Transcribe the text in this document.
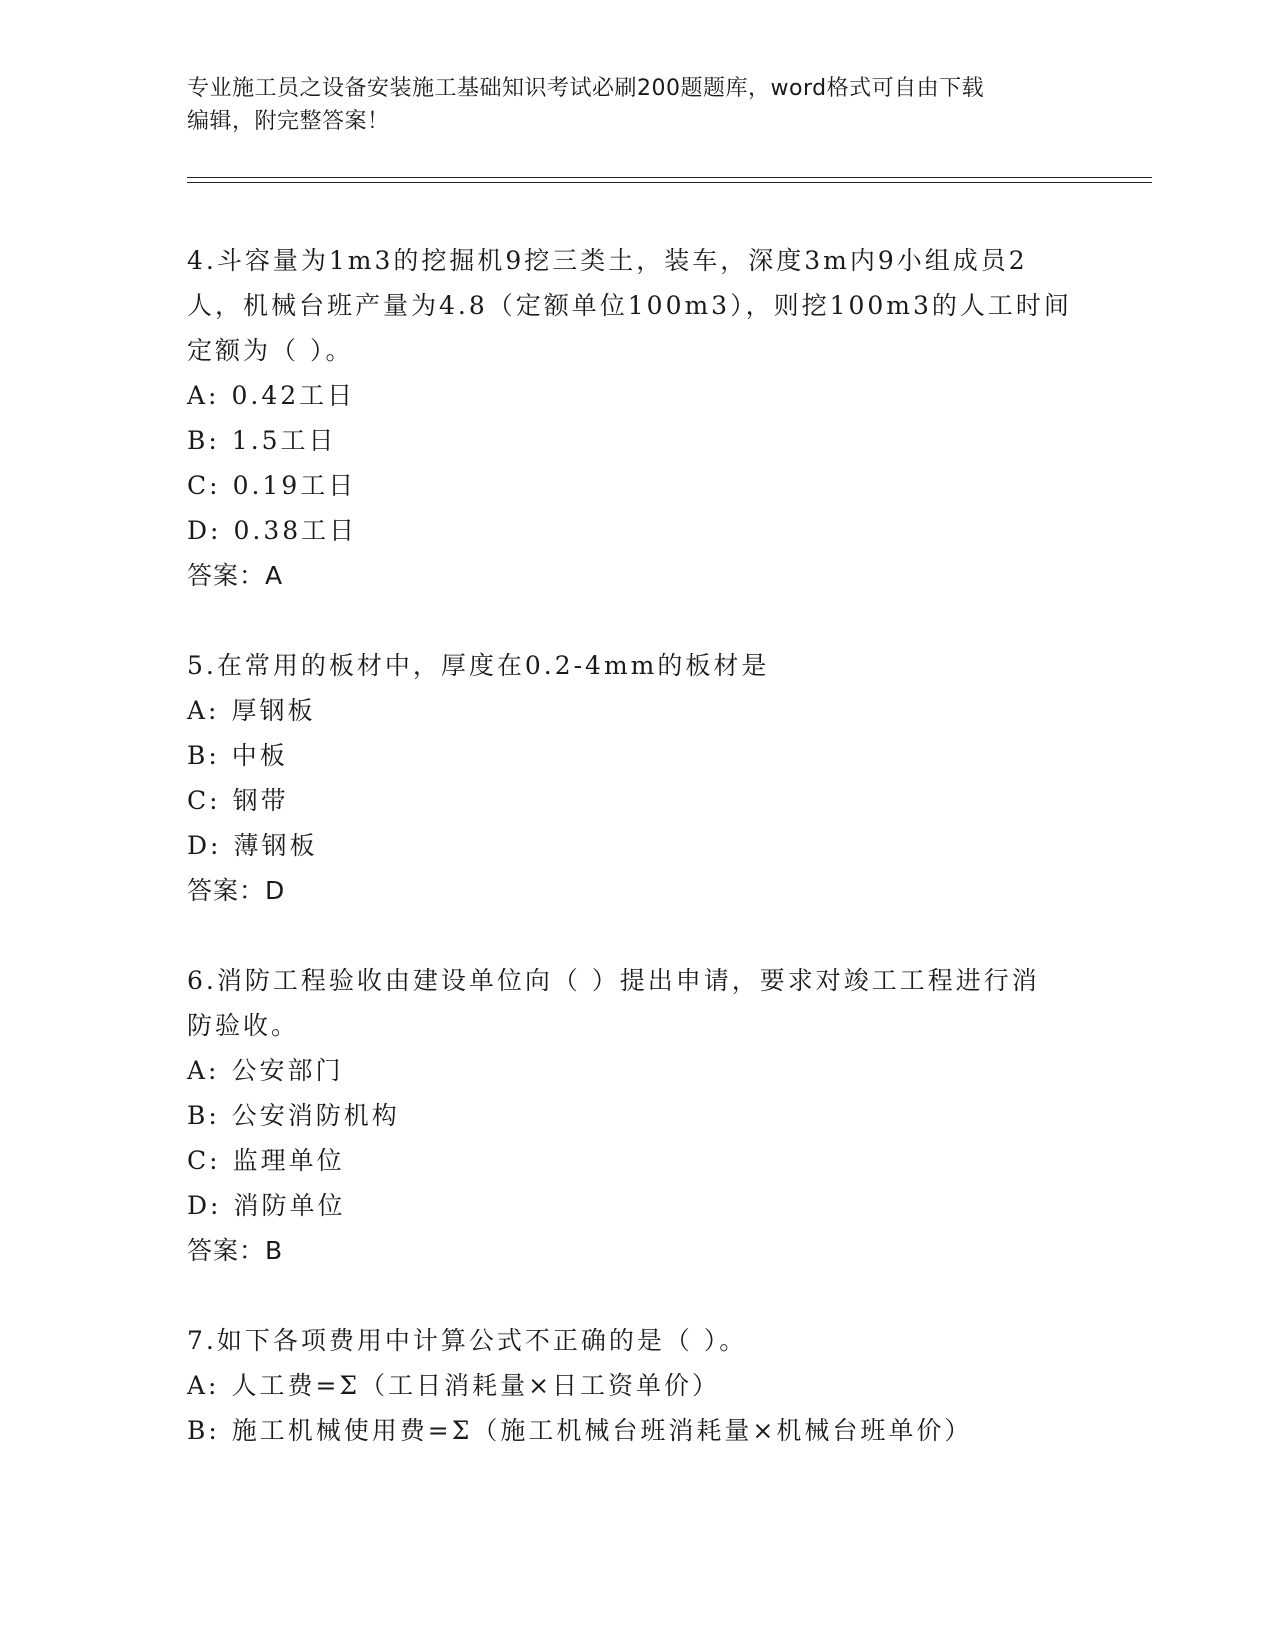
专业施工员之设备安装施工基础知识考试必刷200题题库，word格式可自由下载
编辑，附完整答案！
4.斗容量为1m3的挖掘机9挖三类土，装车，深度3m内9小组成员2
人，机械台班产量为4.8（定额单位100m3），则挖100m3的人工时间
定额为（ ）。
A: 0.42工日
B: 1.5工日
C: 0.19工日
D: 0.38工日
答案：A
5.在常用的板材中，厚度在0.2-4mm的板材是
A: 厚钢板
B: 中板
C: 钢带
D: 薄钢板
答案：D
6.消防工程验收由建设单位向（ ）提出申请，要求对竣工工程进行消
防验收。
A: 公安部门
B: 公安消防机构
C: 监理单位
D: 消防单位
答案：B
7.如下各项费用中计算公式不正确的是（ ）。
A: 人工费=Σ（工日消耗量×日工资单价）
B: 施工机械使用费=Σ（施工机械台班消耗量×机械台班单价）
